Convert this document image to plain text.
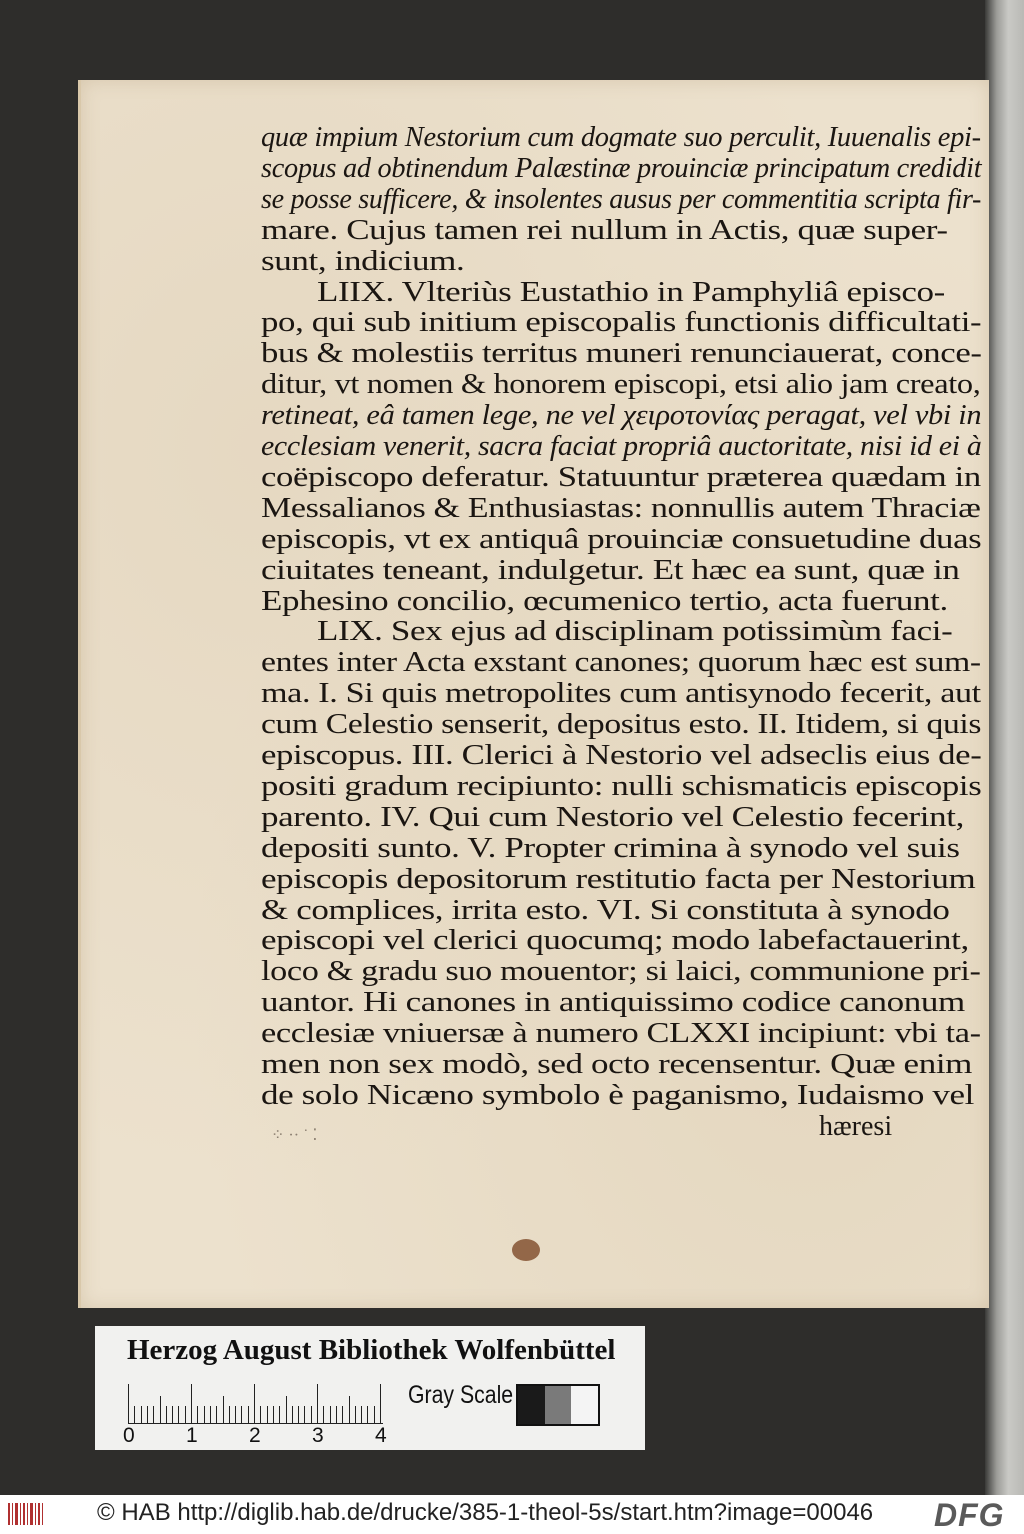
quæ impium Nestorium cum dogmate suo perculit, Iuuenalis epi-
scopus ad obtinendum Palæstinæ prouinciæ principatum credidit
se posse sufficere, & insolentes ausus per commentitia scripta fir-
mare. Cujus tamen rei nullum in Actis, quæ super-
sunt, indicium.
LIIX. Vlteriùs Eustathio in Pamphyliâ episco-
po, qui sub initium episcopalis functionis difficultati-
bus & molestiis territus muneri renunciauerat, conce-
ditur, vt nomen & honorem episcopi, etsi alio jam creato,
retineat, eâ tamen lege, ne vel χειροτονίας peragat, vel vbi in
ecclesiam venerit, sacra faciat propriâ auctoritate, nisi id ei à
coëpiscopo deferatur. Statuuntur præterea quædam in
Messalianos & Enthusiastas: nonnullis autem Thraciæ
episcopis, vt ex antiquâ prouinciæ consuetudine duas
ciuitates teneant, indulgetur. Et hæc ea sunt, quæ in
Ephesino concilio, œcumenico tertio, acta fuerunt.
LIX. Sex ejus ad disciplinam potissimùm faci-
entes inter Acta exstant canones; quorum hæc est sum-
ma. I. Si quis metropolites cum antisynodo fecerit, aut
cum Celestio senserit, depositus esto. II. Itidem, si quis
episcopus. III. Clerici à Nestorio vel adseclis eius de-
positi gradum recipiunto: nulli schismaticis episcopis
parento. IV. Qui cum Nestorio vel Celestio fecerint,
depositi sunto. V. Propter crimina à synodo vel suis
episcopis depositorum restitutio facta per Nestorium
& complices, irrita esto. VI. Si constituta à synodo
episcopi vel clerici quocumq; modo labefactauerint,
loco & gradu suo mouentor; si laici, communione pri-
uantor. Hi canones in antiquissimo codice canonum
ecclesiæ vniuersæ à numero CLXXI incipiunt: vbi ta-
men non sex modò, sed octo recensentur. Quæ enim
de solo Nicæno symbolo è paganismo, Iudaismo vel
hæresi
⁘ ·· ˙ ⁚
Herzog August Bibliothek Wolfenbüttel
Gray Scale
0 1 2 3 4
© HAB http://diglib.hab.de/drucke/385-1-theol-5s/start.htm?image=00046 DFG
